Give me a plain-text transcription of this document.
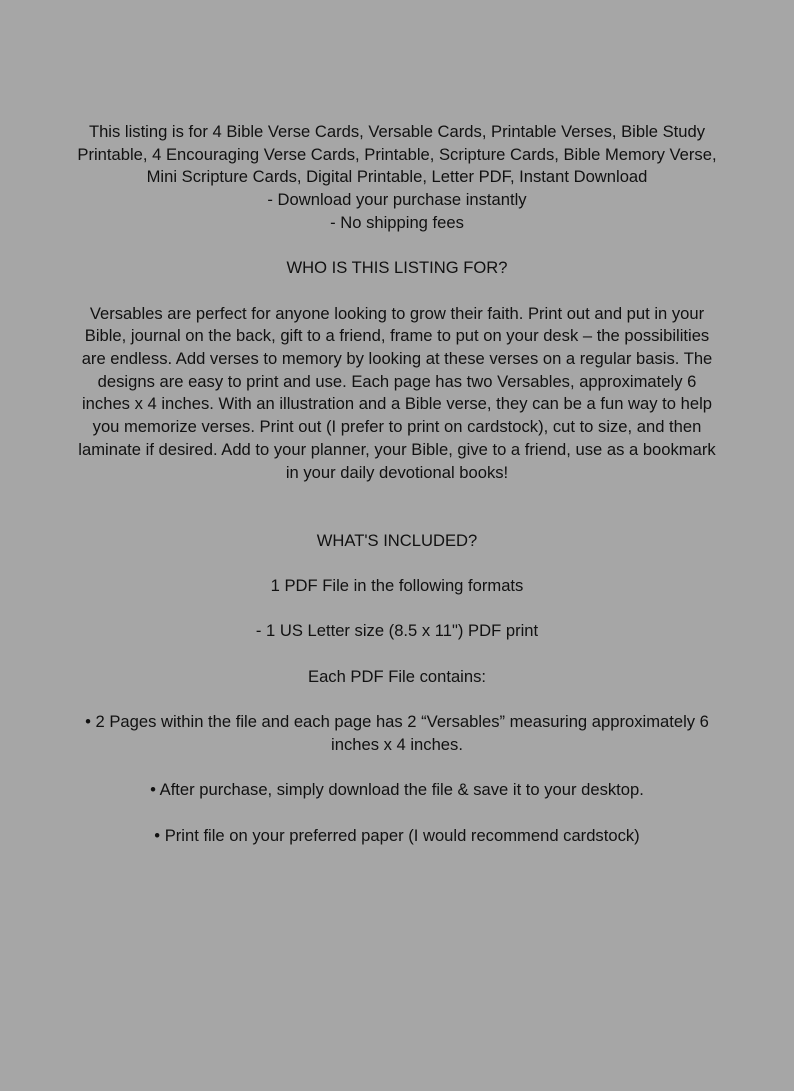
This listing is for 4 Bible Verse Cards, Versable Cards, Printable Verses, Bible Study Printable, 4 Encouraging Verse Cards, Printable, Scripture Cards, Bible Memory Verse, Mini Scripture Cards, Digital Printable, Letter PDF, Instant Download
- Download your purchase instantly
- No shipping fees
WHO IS THIS LISTING FOR?
Versables are perfect for anyone looking to grow their faith. Print out and put in your Bible, journal on the back, gift to a friend, frame to put on your desk – the possibilities are endless. Add verses to memory by looking at these verses on a regular basis. The designs are easy to print and use. Each page has two Versables, approximately 6 inches x 4 inches. With an illustration and a Bible verse, they can be a fun way to help you memorize verses. Print out (I prefer to print on cardstock), cut to size, and then laminate if desired. Add to your planner, your Bible, give to a friend, use as a bookmark in your daily devotional books!
WHAT'S INCLUDED?
1 PDF File in the following formats
- 1 US Letter size (8.5 x 11") PDF print
Each PDF File contains:
• 2 Pages within the file and each page has 2 “Versables” measuring approximately 6 inches x 4 inches.
• After purchase, simply download the file & save it to your desktop.
• Print file on your preferred paper (I would recommend cardstock)
